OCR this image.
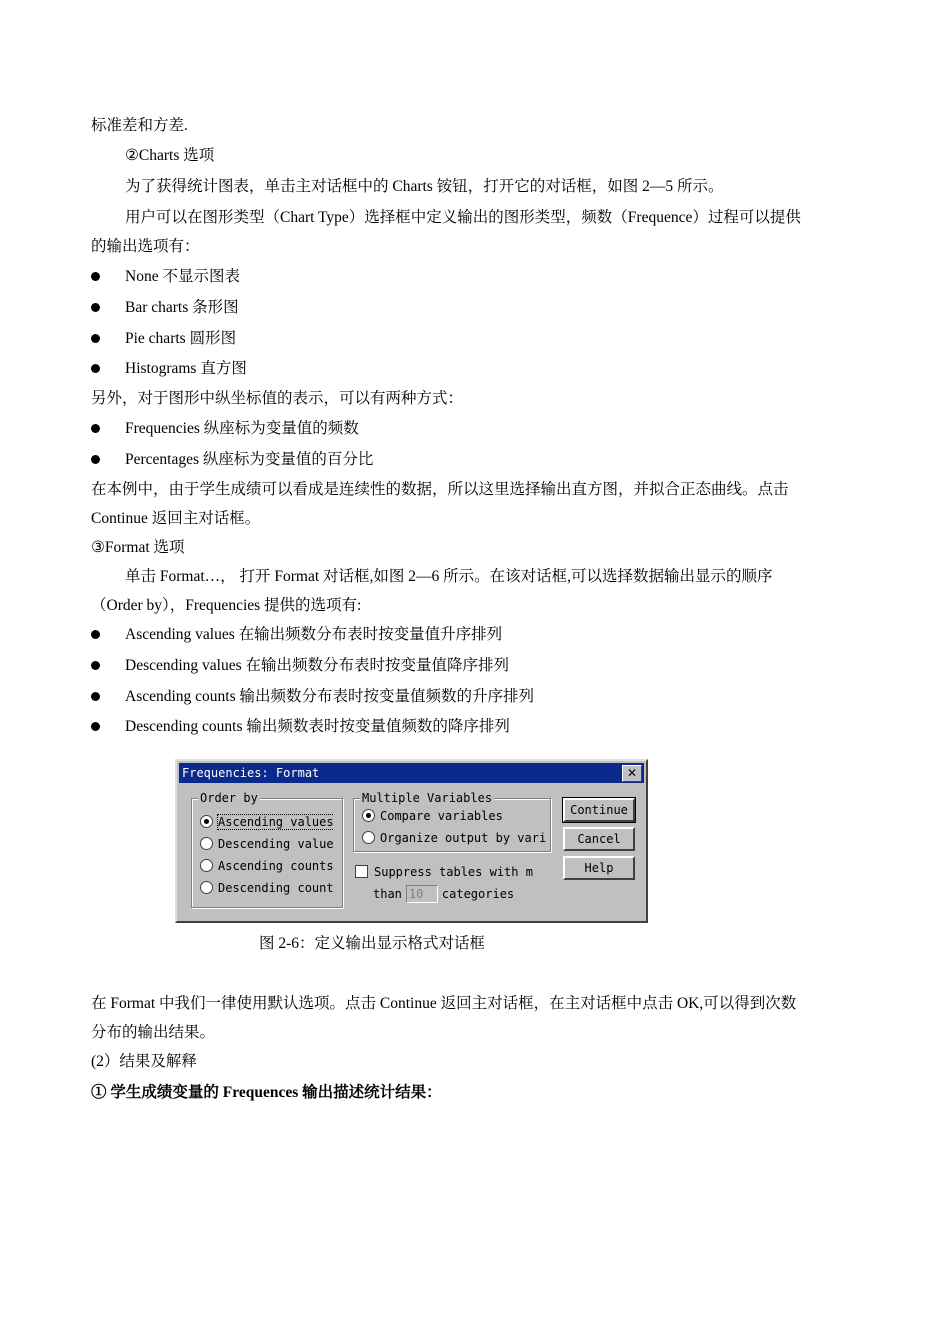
标准差和方差.
②Charts 选项
为了获得统计图表，单击主对话框中的 Charts 铵钮，打开它的对话框，如图 2—5 所示。
用户可以在图形类型（Chart Type）选择框中定义输出的图形类型，频数（Frequence）过程可以提供
的输出选项有：
None 不显示图表
Bar charts 条形图
Pie charts 圆形图
Histograms 直方图
另外，对于图形中纵坐标值的表示，可以有两种方式：
Frequencies 纵座标为变量值的频数
Percentages 纵座标为变量值的百分比
在本例中，由于学生成绩可以看成是连续性的数据，所以这里选择输出直方图，并拟合正态曲线。点击
Continue 返回主对话框。
③Format 选项
单击 Format…， 打开 Format 对话框,如图 2—6 所示。在该对话框,可以选择数据输出显示的顺序
（Order by），Frequencies 提供的选项有:
Ascending values 在输出频数分布表时按变量值升序排列
Descending values 在输出频数分布表时按变量值降序排列
Ascending counts 输出频数分布表时按变量值频数的升序排列
Descending counts 输出频数表时按变量值频数的降序排列
Frequencies: Format	✕
Order by
Ascending values
Descending value
Ascending counts
Descending count
Multiple Variables
Compare variables
Organize output by vari
Suppress tables with m
than 10 categories
Continue
Cancel
Help
图 2-6：定义输出显示格式对话框
在 Format 中我们一律使用默认选项。点击 Continue 返回主对话框，在主对话框中点击 OK,可以得到次数
分布的输出结果。
(2）结果及解释
① 学生成绩变量的 Frequences 输出描述统计结果：
